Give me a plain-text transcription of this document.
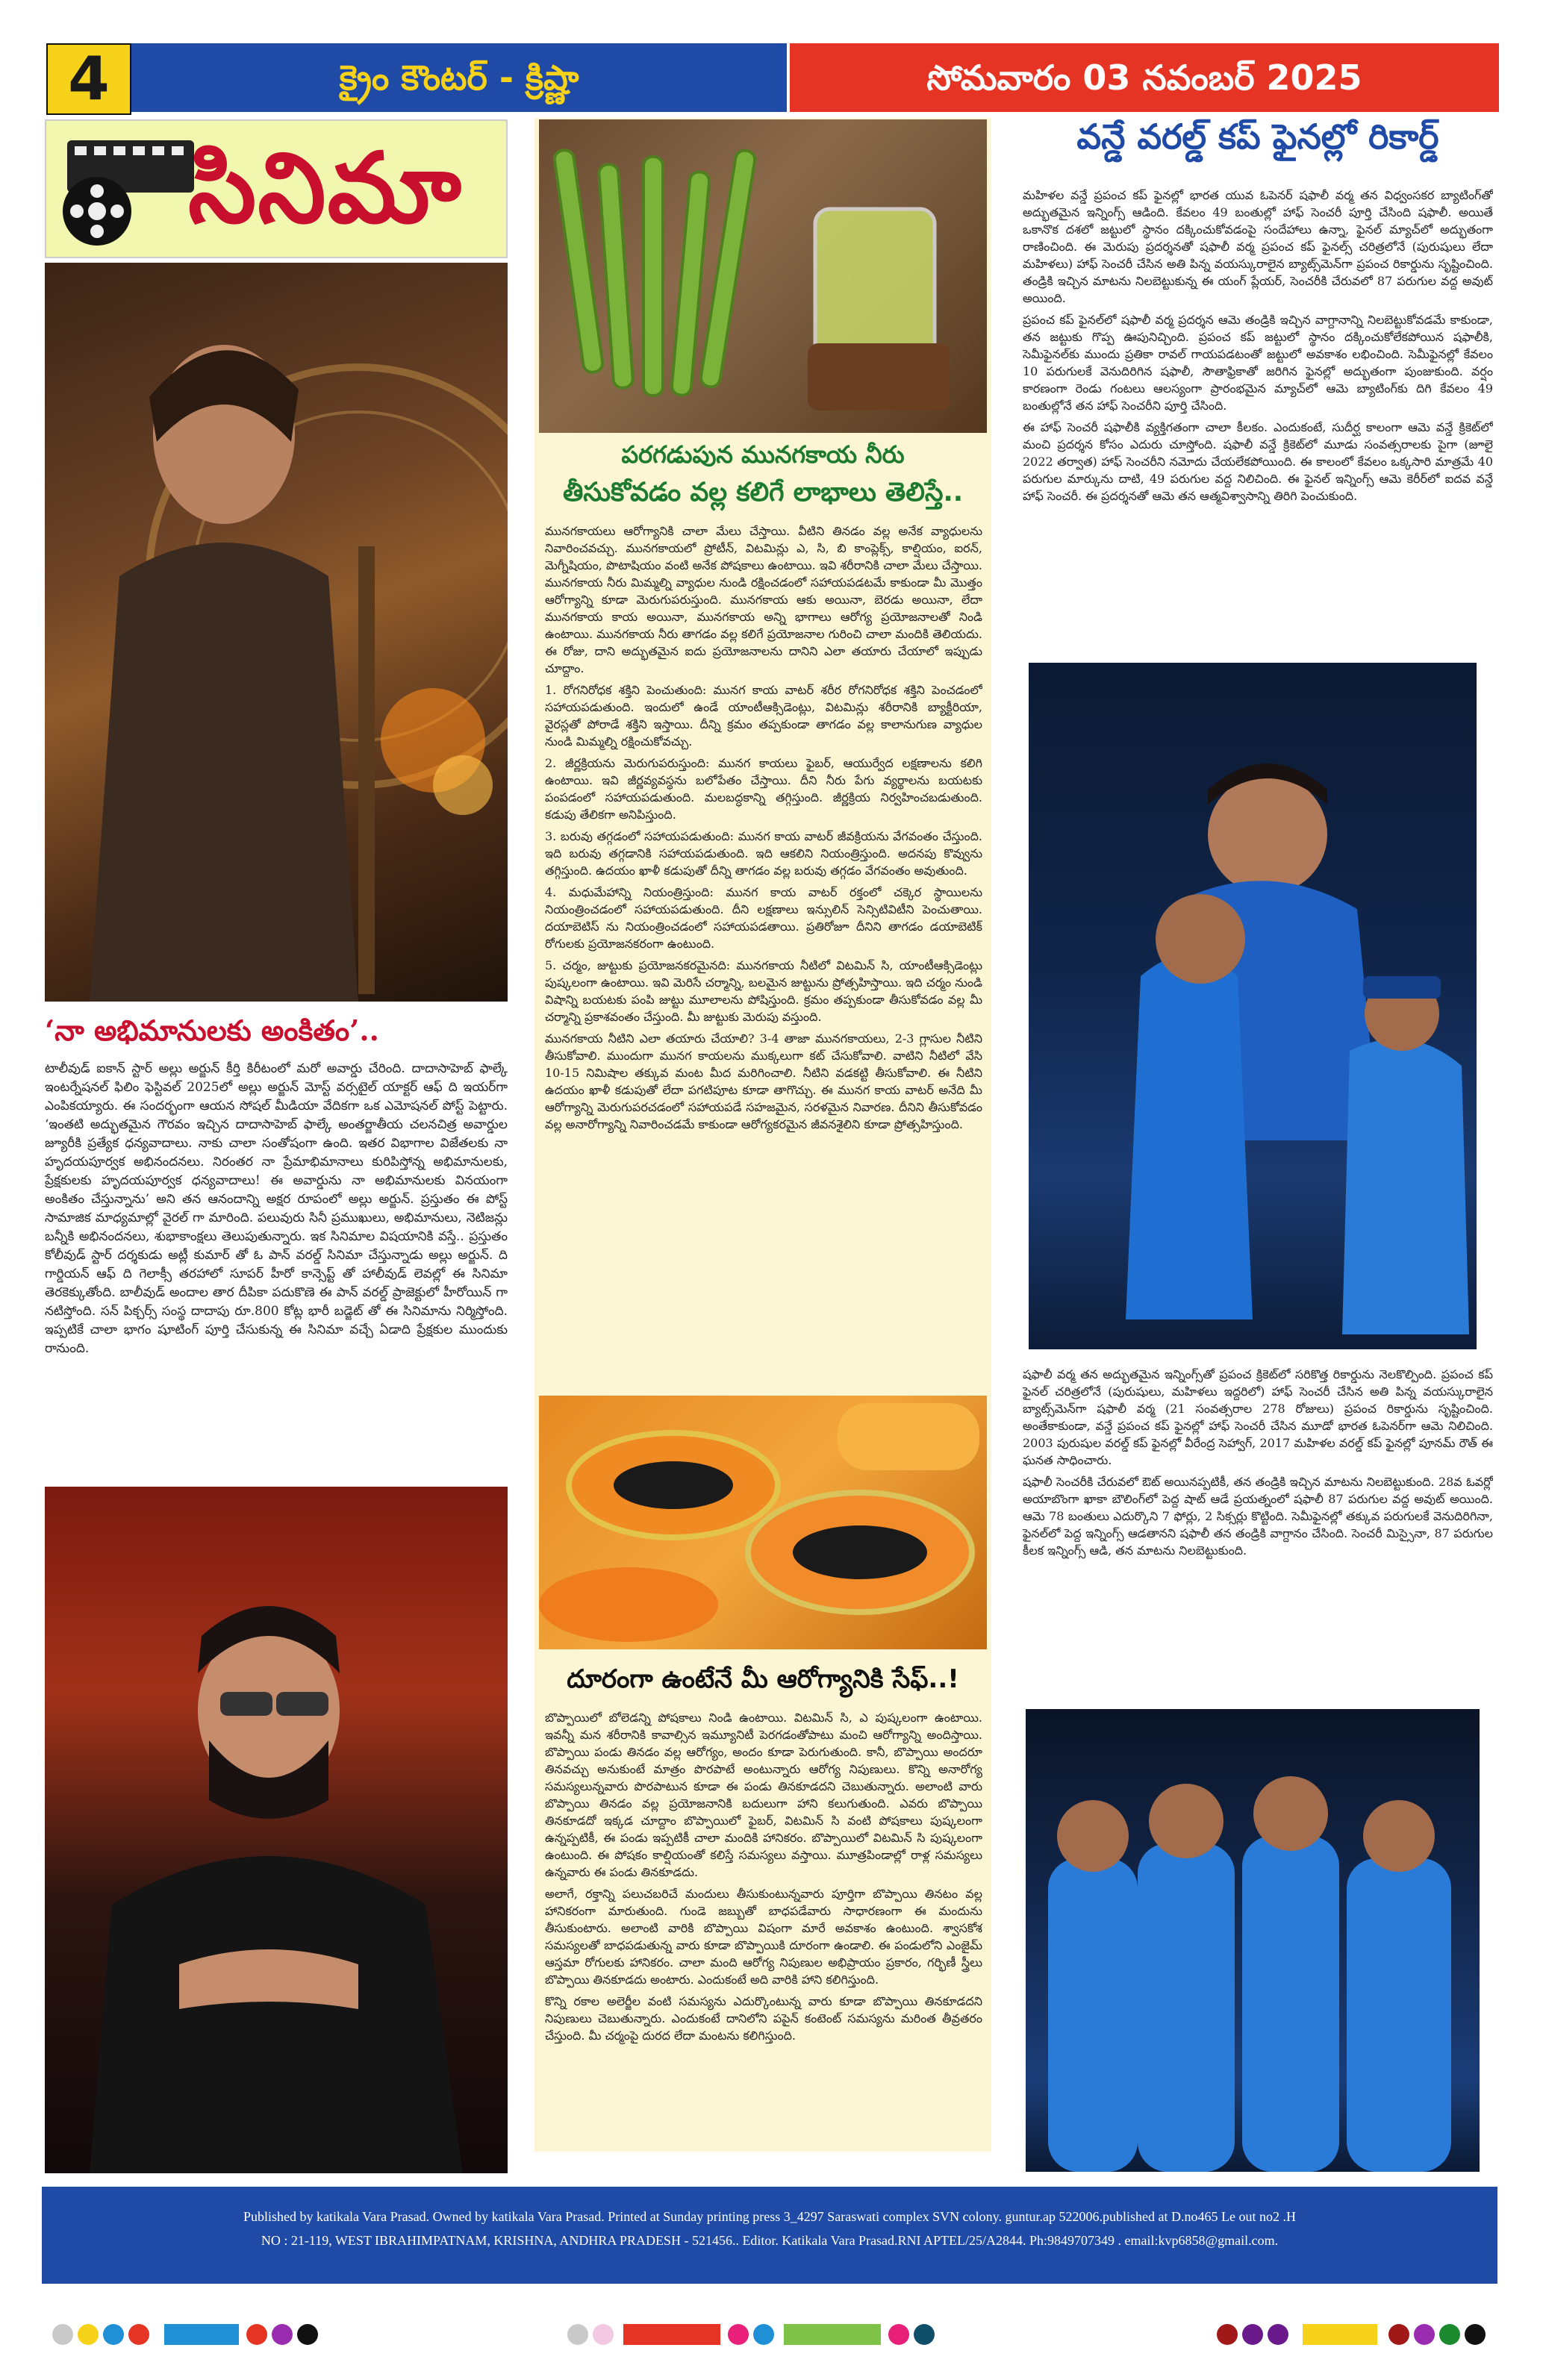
4	క్రైం కౌంటర్ - క్రిష్ణా	సోమవారం 03 నవంబర్ 2025
సినిమా
‘నా అభిమానులకు అంకితం’..

టాలీవుడ్ ఐకాన్ స్టార్ అల్లు అర్జున్ కీర్తి కిరీటంలో మరో అవార్డు చేరింది. దాదాసాహెబ్ ఫాల్కే ఇంటర్నేషనల్ ఫిలిం ఫెస్టివల్ 2025లో అల్లు అర్జున్ మోస్ట్ వర్సటైల్ యాక్టర్ ఆఫ్ ది ఇయర్‌గా ఎంపికయ్యారు. ఈ సందర్భంగా ఆయన సోషల్ మీడియా వేదికగా ఒక ఎమోషనల్ పోస్ట్ పెట్టారు. ‘ఇంతటి అద్భుతమైన గౌరవం ఇచ్చిన దాదాసాహెబ్ ఫాల్కే అంతర్జాతీయ చలనచిత్ర అవార్డుల జ్యూరీకి ప్రత్యేక ధన్యవాదాలు. నాకు చాలా సంతోషంగా ఉంది. ఇతర విభాగాల విజేతలకు నా హృదయపూర్వక అభినందనలు. నిరంతర నా ప్రేమాభిమానాలు కురిపిస్తోన్న అభిమానులకు, ప్రేక్షకులకు హృదయపూర్వక ధన్యవాదాలు! ఈ అవార్డును నా అభిమానులకు వినయంగా అంకితం చేస్తున్నాను’ అని తన ఆనందాన్ని అక్షర రూపంలో అల్లు అర్జున్. ప్రస్తుతం ఈ పోస్ట్ సామాజిక మాధ్యమాల్లో వైరల్ గా మారింది. పలువురు సినీ ప్రముఖులు, అభిమానులు, నెటిజన్లు బన్నీకి అభినందనలు, శుభాకాంక్షలు తెలుపుతున్నారు. ఇక సినిమాల విషయానికి వస్తే.. ప్రస్తుతం కోలీవుడ్ స్టార్ దర్శకుడు అట్లీ కుమార్ తో ఓ పాన్ వరల్డ్ సినిమా చేస్తున్నాడు అల్లు అర్జున్. ది గార్డియన్ ఆఫ్ ది గెలాక్సీ తరహాలో సూపర్ హీరో కాన్సెప్ట్ తో హాలీవుడ్ లెవల్లో ఈ సినిమా తెరకెక్కుతోంది. బాలీవుడ్ అందాల తార దీపికా పదుకొణె ఈ పాన్ వరల్డ్ ప్రాజెక్టులో హీరోయిన్ గా నటిస్తోంది. సన్ పిక్చర్స్ సంస్థ దాదాపు రూ.800 కోట్ల భారీ బడ్జెట్ తో ఈ సినిమాను నిర్మిస్తోంది. ఇప్పటికే చాలా భాగం షూటింగ్ పూర్తి చేసుకున్న ఈ సినిమా వచ్చే ఏడాది ప్రేక్షకుల ముందుకు రానుంది.

పరగడుపున మునగకాయ నీరు
తీసుకోవడం వల్ల కలిగే లాభాలు తెలిస్తే..

మునగకాయలు ఆరోగ్యానికి చాలా మేలు చేస్తాయి. వీటిని తినడం వల్ల అనేక వ్యాధులను నివారించవచ్చు. మునగకాయలో ప్రోటీన్, విటమిన్లు ఎ, సి, బి కాంప్లెక్స్, కాల్షియం, ఐరన్, మెగ్నీషియం, పొటాషియం వంటి అనేక పోషకాలు ఉంటాయి. ఇవి శరీరానికి చాలా మేలు చేస్తాయి. మునగకాయ నీరు మిమ్మల్ని వ్యాధుల నుండి రక్షించడంలో సహాయపడటమే కాకుండా మీ మొత్తం ఆరోగ్యాన్ని కూడా మెరుగుపరుస్తుంది. మునగకాయ ఆకు అయినా, బెరడు అయినా, లేదా మునగకాయ కాయ అయినా, మునగకాయ అన్ని భాగాలు ఆరోగ్య ప్రయోజనాలతో నిండి ఉంటాయి. మునగకాయ నీరు తాగడం వల్ల కలిగే ప్రయోజనాల గురించి చాలా మందికి తెలియదు. ఈ రోజు, దాని అద్భుతమైన ఐదు ప్రయోజనాలను దానిని ఎలా తయారు చేయాలో ఇప్పుడు చూద్దాం.

1. రోగనిరోధక శక్తిని పెంచుతుంది: మునగ కాయ వాటర్ శరీర రోగనిరోధక శక్తిని పెంచడంలో సహాయపడుతుంది. ఇందులో ఉండే యాంటీఆక్సిడెంట్లు, విటమిన్లు శరీరానికి బ్యాక్టీరియా, వైరస్లతో పోరాడే శక్తిని ఇస్తాయి. దీన్ని క్రమం తప్పకుండా తాగడం వల్ల కాలానుగుణ వ్యాధుల నుండి మిమ్మల్ని రక్షించుకోవచ్చు.

2. జీర్ణక్రియను మెరుగుపరుస్తుంది: మునగ కాయలు ఫైబర్, ఆయుర్వేద లక్షణాలను కలిగి ఉంటాయి. ఇవి జీర్ణవ్యవస్థను బలోపేతం చేస్తాయి. దీని నీరు పేగు వ్యర్థాలను బయటకు పంపడంలో సహాయపడుతుంది. మలబద్ధకాన్ని తగ్గిస్తుంది. జీర్ణక్రియ నిర్వహించబడుతుంది. కడుపు తేలికగా అనిపిస్తుంది.

3. బరువు తగ్గడంలో సహాయపడుతుంది: మునగ కాయ వాటర్ జీవక్రియను వేగవంతం చేస్తుంది. ఇది బరువు తగ్గడానికి సహాయపడుతుంది. ఇది ఆకలిని నియంత్రిస్తుంది. అదనపు కొవ్వును తగ్గిస్తుంది. ఉదయం ఖాళీ కడుపుతో దీన్ని తాగడం వల్ల బరువు తగ్గడం వేగవంతం అవుతుంది.

4. మధుమేహాన్ని నియంత్రిస్తుంది: మునగ కాయ వాటర్ రక్తంలో చక్కెర స్థాయిలను నియంత్రించడంలో సహాయపడుతుంది. దీని లక్షణాలు ఇన్సులిన్ సెన్సిటివిటీని పెంచుతాయి. దయాబెటిస్ ను నియంత్రించడంలో సహాయపడతాయి. ప్రతిరోజూ దీనిని తాగడం డయాబెటిక్ రోగులకు ప్రయోజనకరంగా ఉంటుంది.

5. చర్మం, జుట్టుకు ప్రయోజనకరమైనది: మునగకాయ నీటిలో విటమిన్ సి, యాంటీఆక్సిడెంట్లు పుష్కలంగా ఉంటాయి. ఇవి మెరిసే చర్మాన్ని, బలమైన జుట్టును ప్రోత్సహిస్తాయి. ఇది చర్మం నుండి విషాన్ని బయటకు పంపి జుట్టు మూలాలను పోషిస్తుంది. క్రమం తప్పకుండా తీసుకోవడం వల్ల మీ చర్మాన్ని ప్రకాశవంతం చేస్తుంది. మీ జుట్టుకు మెరుపు వస్తుంది.

మునగకాయ నీటిని ఎలా తయారు చేయాలి? 3-4 తాజా మునగకాయలు, 2-3 గ్లాసుల నీటిని తీసుకోవాలి. ముందుగా మునగ కాయలను ముక్కలుగా కట్ చేసుకోవాలి. వాటిని నీటిలో వేసి 10-15 నిమిషాల తక్కువ మంట మీద మరిగించాలి. నీటిని వడకట్టి తీసుకోవాలి. ఈ నీటిని ఉదయం ఖాళీ కడుపుతో లేదా పగటిపూట కూడా తాగొచ్చు. ఈ మునగ కాయ వాటర్ అనేది మీ ఆరోగ్యాన్ని మెరుగుపరచడంలో సహాయపడే సహజమైన, సరళమైన నివారణ. దీనిని తీసుకోవడం వల్ల అనారోగ్యాన్ని నివారించడమే కాకుండా ఆరోగ్యకరమైన జీవనశైలిని కూడా ప్రోత్సహిస్తుంది.

దూరంగా ఉంటేనే మీ ఆరోగ్యానికి సేఫ్..!

బొప్పాయిలో బోలెడన్ని పోషకాలు నిండి ఉంటాయి. విటమిన్ సి, ఎ పుష్కలంగా ఉంటాయి. ఇవన్నీ మన శరీరానికి కావాల్సిన ఇమ్యూనిటీ పెరగడంతోపాటు మంచి ఆరోగ్యాన్ని అందిస్తాయి. బొప్పాయి పండు తినడం వల్ల ఆరోగ్యం, అందం కూడా పెరుగుతుంది. కానీ, బొప్పాయి అందరూ తినవచ్చు అనుకుంటే మాత్రం పొరపాటే అంటున్నారు ఆరోగ్య నిపుణులు. కొన్ని అనారోగ్య సమస్యలున్నవారు పొరపాటున కూడా ఈ పండు తినకూడదని చెబుతున్నారు. అలాంటి వారు బొప్పాయి తినడం వల్ల ప్రయోజనానికి బదులుగా హాని కలుగుతుంది. ఎవరు బొప్పాయి తినకూడదో ఇక్కడ చూద్దాం బొప్పాయిలో ఫైబర్, విటమిన్ సి వంటి పోషకాలు పుష్కలంగా ఉన్నప్పటికీ, ఈ పండు ఇప్పటికీ చాలా మందికి హానికరం. బొప్పాయిలో విటమిన్ సి పుష్కలంగా ఉంటుంది. ఈ పోషకం కాల్షియంతో కలిస్తే సమస్యలు వస్తాయి. మూత్రపిండాల్లో రాళ్ల సమస్యలు ఉన్నవారు ఈ పండు తినకూడదు.

అలాగే, రక్తాన్ని పలుచబరిచే మందులు తీసుకుంటున్నవారు పూర్తిగా బొప్పాయి తినటం వల్ల హానికరంగా మారుతుంది. గుండె జబ్బుతో బాధపడేవారు సాధారణంగా ఈ మందును తీసుకుంటారు. అలాంటి వారికి బొప్పాయి విషంగా మారే అవకాశం ఉంటుంది. శ్వాసకోశ సమస్యలతో బాధపడుతున్న వారు కూడా బొప్పాయికి దూరంగా ఉండాలి. ఈ పండులోని ఎంజైమ్ ఆస్తమా రోగులకు హానికరం. చాలా మంది ఆరోగ్య నిపుణుల అభిప్రాయం ప్రకారం, గర్భిణీ స్త్రీలు బొప్పాయి తినకూడదు అంటారు. ఎందుకంటే అది వారికి హాని కలిగిస్తుంది.

కొన్ని రకాల అలెర్జీల వంటి సమస్యను ఎదుర్కొంటున్న వారు కూడా బొప్పాయి తినకూడదని నిపుణులు చెబుతున్నారు. ఎందుకంటే దానిలోని పపైన్ కంటెంట్ సమస్యను మరింత తీవ్రతరం చేస్తుంది. మీ చర్మంపై దురద లేదా మంటను కలిగిస్తుంది.

వన్డే వరల్డ్ కప్ ఫైనల్లో రికార్డ్

మహిళల వన్డే ప్రపంచ కప్ ఫైనల్లో భారత యువ ఓపెనర్ షఫాలీ వర్మ తన విధ్వంసకర బ్యాటింగ్‌తో అద్భుతమైన ఇన్నింగ్స్ ఆడింది. కేవలం 49 బంతుల్లో హాఫ్ సెంచరీ పూర్తి చేసింది షఫాలీ. అయితే ఒకానొక దశలో జట్టులో స్థానం దక్కించుకోవడంపై సందేహాలు ఉన్నా, ఫైనల్ మ్యాచ్‌లో అద్భుతంగా రాణించింది. ఈ మెరుపు ప్రదర్శనతో షఫాలీ వర్మ ప్రపంచ కప్ ఫైనల్స్ చరిత్రలోనే (పురుషులు లేదా మహిళలు) హాఫ్ సెంచరీ చేసిన అతి పిన్న వయస్కురాలైన బ్యాట్స్‌మెన్‌గా ప్రపంచ రికార్డును సృష్టించింది. తండ్రికి ఇచ్చిన మాటను నిలబెట్టుకున్న ఈ యంగ్ ప్లేయర్, సెంచరీకి చేరువలో 87 పరుగుల వద్ద అవుట్ అయింది.

ప్రపంచ కప్ ఫైనల్‌లో షఫాలీ వర్మ ప్రదర్శన ఆమె తండ్రికి ఇచ్చిన వాగ్దానాన్ని నిలబెట్టుకోవడమే కాకుండా, తన జట్టుకు గొప్ప ఊపునిచ్చింది. ప్రపంచ కప్ జట్టులో స్థానం దక్కించుకోలేకపోయిన షఫాలీకి, సెమీఫైనల్‌కు ముందు ప్రతికా రావల్ గాయపడటంతో జట్టులో అవకాశం లభించింది. సెమీఫైనల్లో కేవలం 10 పరుగులకే వెనుదిరిగిన షఫాలీ, సౌతాఫ్రికాతో జరిగిన ఫైనల్లో అద్భుతంగా పుంజుకుంది. వర్షం కారణంగా రెండు గంటలు ఆలస్యంగా ప్రారంభమైన మ్యాచ్‌లో ఆమె బ్యాటింగ్‌కు దిగి కేవలం 49 బంతుల్లోనే తన హాఫ్ సెంచరీని పూర్తి చేసింది.

ఈ హాఫ్ సెంచరీ షఫాలీకి వ్యక్తిగతంగా చాలా కీలకం. ఎందుకంటే, సుదీర్ఘ కాలంగా ఆమె వన్డే క్రికెట్‌లో మంచి ప్రదర్శన కోసం ఎదురు చూస్తోంది. షఫాలీ వన్డే క్రికెట్‌లో మూడు సంవత్సరాలకు పైగా (జూలై 2022 తర్వాత) హాఫ్ సెంచరీని నమోదు చేయలేకపోయింది. ఈ కాలంలో కేవలం ఒక్కసారి మాత్రమే 40 పరుగుల మార్కును దాటి, 49 పరుగుల వద్ద నిలిచింది. ఈ ఫైనల్ ఇన్నింగ్స్ ఆమె కెరీర్‌లో ఐదవ వన్డే హాఫ్ సెంచరీ. ఈ ప్రదర్శనతో ఆమె తన ఆత్మవిశ్వాసాన్ని తిరిగి పెంచుకుంది.

షఫాలీ వర్మ తన అద్భుతమైన ఇన్నింగ్స్‌తో ప్రపంచ క్రికెట్‌లో సరికొత్త రికార్డును నెలకొల్పింది. ప్రపంచ కప్ ఫైనల్ చరిత్రలోనే (పురుషులు, మహిళలు ఇద్దరిలో) హాఫ్ సెంచరీ చేసిన అతి పిన్న వయస్కురాలైన బ్యాట్స్‌మెన్‌గా షఫాలీ వర్మ (21 సంవత్సరాల 278 రోజులు) ప్రపంచ రికార్డును సృష్టించింది. అంతేకాకుండా, వన్డే ప్రపంచ కప్ ఫైనల్లో హాఫ్ సెంచరీ చేసిన మూడో భారత ఓపెనర్‌గా ఆమె నిలిచింది. 2003 పురుషుల వరల్డ్ కప్ ఫైనల్లో వీరేంద్ర సెహ్వాగ్, 2017 మహిళల వరల్డ్ కప్ ఫైనల్లో పూనమ్ రౌత్ ఈ ఘనత సాధించారు.

షఫాలీ సెంచరీకి చేరువలో ఔట్ అయినప్పటికీ, తన తండ్రికి ఇచ్చిన మాటను నిలబెట్టుకుంది. 28వ ఓవర్లో అయాబొంగా ఖాకా బౌలింగ్‌లో పెద్ద షాట్ ఆడే ప్రయత్నంలో షఫాలీ 87 పరుగుల వద్ద అవుట్ అయింది. ఆమె 78 బంతులు ఎదుర్కొని 7 ఫోర్లు, 2 సిక్సర్లు కొట్టింది. సెమీఫైనల్లో తక్కువ పరుగులకే వెనుదిరిగినా, ఫైనల్‌లో పెద్ద ఇన్నింగ్స్ ఆడతానని షఫాలీ తన తండ్రికి వాగ్దానం చేసింది. సెంచరీ మిస్సైనా, 87 పరుగుల కీలక ఇన్నింగ్స్ ఆడి, తన మాటను నిలబెట్టుకుంది.

Published by katikala Vara Prasad. Owned by katikala Vara Prasad. Printed at Sunday printing press 3_4297 Saraswati complex SVN colony. guntur.ap 522006.published at D.no465 Le out no2 .H
NO : 21-119, WEST IBRAHIMPATNAM, KRISHNA, ANDHRA PRADESH - 521456.. Editor. Katikala Vara Prasad.RNI APTEL/25/A2844. Ph:9849707349 . email:kvp6858@gmail.com.
